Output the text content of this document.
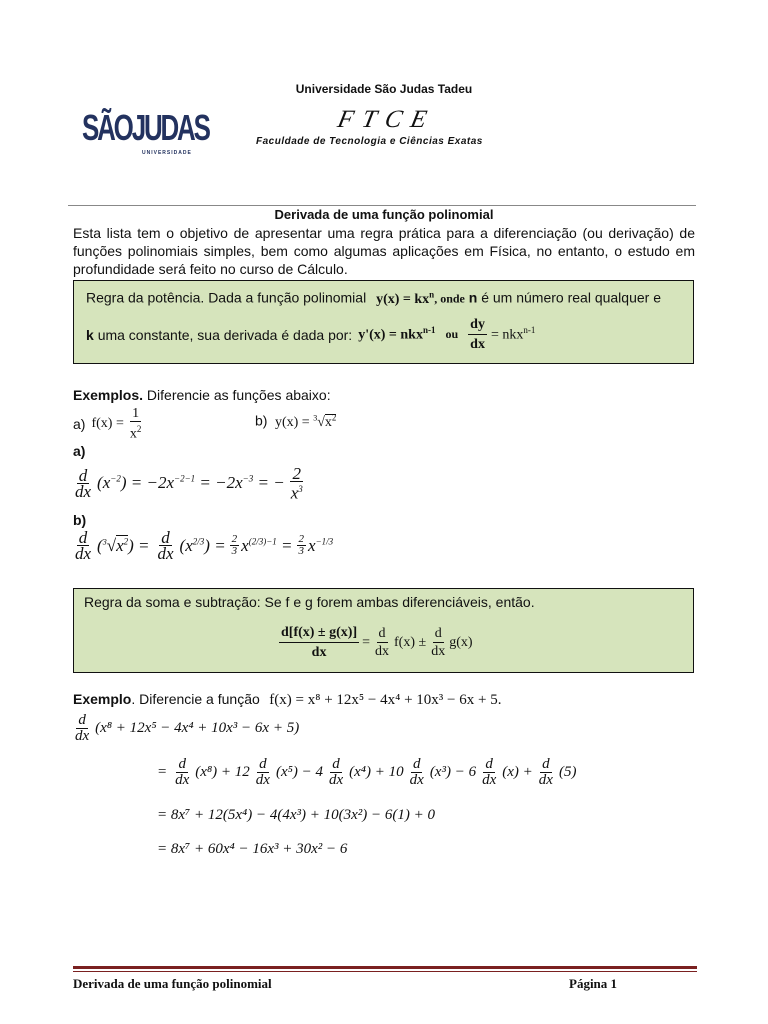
Universidade São Judas Tadeu
SÃOJUDAS
UNIVERSIDADE
FTCE
Faculdade de Tecnologia e Ciências Exatas
Derivada de uma função polinomial
Esta lista tem o objetivo de apresentar uma regra prática para a diferenciação (ou derivação) de funções polinomiais simples, bem como algumas aplicações em Física, no entanto, o estudo em profundidade será feito no curso de Cálculo.
Regra da potência. Dada a função polinomial $y(x) = kx^n$, onde n é um número real qualquer e
k
uma constante, sua derivada é dada por: y'(x) = nkx$^{n-1}$ ou $\frac{dy}{dx} = nkx^{n-1}$
Exemplos. Diferencie as funções abaixo:
a) $f(x) = \frac{1}{x^2}$	b) $y(x) = ^3√x^2$
a)
$\frac{d}{dx} (x^{-2}) = -2x^{-2-1} = -2x^{-3}$ = − $\frac{2}{x^3}$
b)
$\frac{d}{dx} (^3√x^2) = \frac{d}{dx} (x^{2/3}) = \frac{2}{3} x^{(2/3)-1} = \frac{2}{3} x^{-1/3}$
Regra da soma e subtração: Se f e g forem ambas diferenciáveis, então.
$\frac{d[f(x) \pm g(x)]}{dx} = \frac{d}{dx} f(x) \pm \frac{d}{dx} g(x)$
Exemplo. Diferencie a função f(x) = x⁸ + 12x⁵ − 4x⁴ + 10x³ − 6x + 5.
$\frac{d}{dx} (x^8 + 12x^5 - 4x^4 + 10x^3 - 6x + 5)$
= $\frac{d}{dx} (x^8) + 12 \frac{d}{dx} (x^5) - 4 \frac{d}{dx} (x^4) + 10 \frac{d}{dx} (x^3) - 6 \frac{d}{dx} (x) + \frac{d}{dx} (5)$
= 8x⁷ + 12(5x⁴) − 4(4x³) + 10(3x²) − 6(1) + 0
= 8x⁷ + 60x⁴ − 16x³ + 30x² − 6
Derivada de uma função polinomial	Página 1
